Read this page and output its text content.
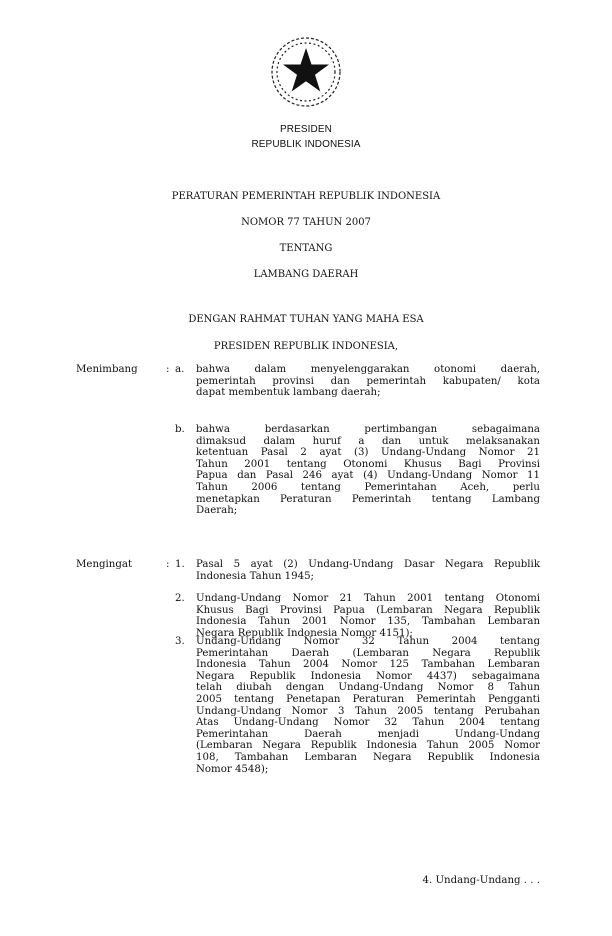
PRESIDEN
REPUBLIK INDONESIA
PERATURAN PEMERINTAH REPUBLIK INDONESIA
NOMOR 77 TAHUN 2007
TENTANG
LAMBANG DAERAH
DENGAN RAHMAT TUHAN YANG MAHA ESA
PRESIDEN REPUBLIK INDONESIA,
Menimbang	: a. bahwa dalam menyelenggarakan otonomi daerah,
pemerintah provinsi dan pemerintah kabupaten/ kota
dapat membentuk lambang daerah;
b. bahwa berdasarkan pertimbangan sebagaimana
dimaksud dalam huruf a dan untuk melaksanakan
ketentuan Pasal 2 ayat (3) Undang-Undang Nomor 21
Tahun 2001 tentang Otonomi Khusus Bagi Provinsi
Papua dan Pasal 246 ayat (4) Undang-Undang Nomor 11
Tahun 2006 tentang Pemerintahan Aceh, perlu
menetapkan Peraturan Pemerintah tentang Lambang
Daerah;
Mengingat	: 1. Pasal 5 ayat (2) Undang-Undang Dasar Negara Republik
Indonesia Tahun 1945;
2. Undang-Undang Nomor 21 Tahun 2001 tentang Otonomi
Khusus Bagi Provinsi Papua (Lembaran Negara Republik
Indonesia Tahun 2001 Nomor 135, Tambahan Lembaran
Negara Republik Indonesia Nomor 4151);
3. Undang-Undang Nomor 32 Tahun 2004 tentang
Pemerintahan Daerah (Lembaran Negara Republik
Indonesia Tahun 2004 Nomor 125 Tambahan Lembaran
Negara Republik Indonesia Nomor 4437) sebagaimana
telah diubah dengan Undang-Undang Nomor 8 Tahun
2005 tentang Penetapan Peraturan Pemerintah Pengganti
Undang-Undang Nomor 3 Tahun 2005 tentang Perubahan
Atas Undang-Undang Nomor 32 Tahun 2004 tentang
Pemerintahan Daerah menjadi Undang-Undang
(Lembaran Negara Republik Indonesia Tahun 2005 Nomor
108, Tambahan Lembaran Negara Republik Indonesia
Nomor 4548);
4. Undang-Undang . . .
